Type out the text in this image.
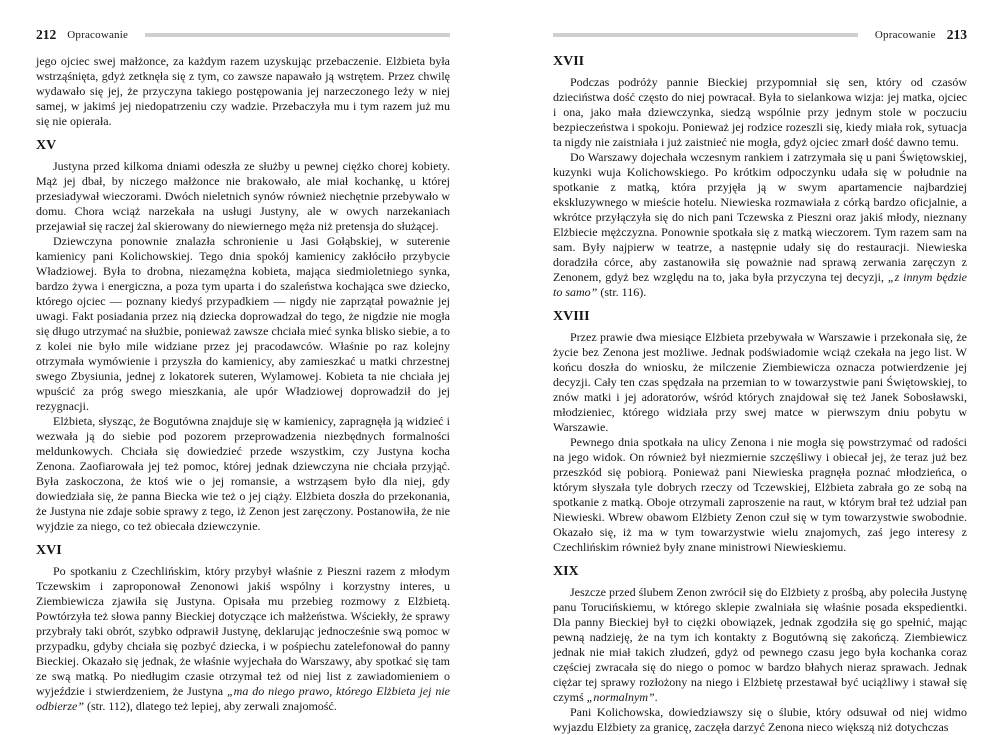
212 Opracowanie

jego ojciec swej małżonce, za każdym razem uzyskując przebaczenie. Elżbieta była wstrząśnięta, gdyż zetknęła się z tym, co zawsze napawało ją wstrętem. Przez chwilę wydawało się jej, że przyczyna takiego postępowania jej narzeczonego leży w niej samej, w jakimś jej niedopatrzeniu czy wadzie. Przebaczyła mu i tym razem już mu się nie opierała.

XV

Justyna przed kilkoma dniami odeszła ze służby u pewnej ciężko chorej kobiety. Mąż jej dbał, by niczego małżonce nie brakowało, ale miał kochankę, u której przesiadywał wieczorami. Dwóch nieletnich synów również niechętnie przebywało w domu. Chora wciąż narzekała na usługi Justyny, ale w owych narzekaniach przejawiał się raczej żal skierowany do niewiernego męża niż pretensja do służącej.

Dziewczyna ponownie znalazła schronienie u Jasi Gołąbskiej, w suterenie kamienicy pani Kolichowskiej. Tego dnia spokój kamienicy zakłóciło przybycie Władziowej. Była to drobna, niezamężna kobieta, mająca siedmioletniego synka, bardzo żywa i energiczna, a poza tym uparta i do szaleństwa kochająca swe dziecko, którego ojciec — poznany kiedyś przypadkiem — nigdy nie zaprzątał poważnie jej uwagi. Fakt posiadania przez nią dziecka doprowadzał do tego, że nigdzie nie mogła się długo utrzymać na służbie, ponieważ zawsze chciała mieć synka blisko siebie, a to z kolei nie było mile widziane przez jej pracodawców. Właśnie po raz kolejny otrzymała wymówienie i przyszła do kamienicy, aby zamieszkać u matki chrzestnej swego Zbysiunia, jednej z lokatorek suteren, Wylamowej. Kobieta ta nie chciała jej wpuścić za próg swego mieszkania, ale upór Władziowej doprowadził do jej rezygnacji.

Elżbieta, słysząc, że Bogutówna znajduje się w kamienicy, zapragnęła ją widzieć i wezwała ją do siebie pod pozorem przeprowadzenia niezbędnych formalności meldunkowych. Chciała się dowiedzieć przede wszystkim, czy Justyna kocha Zenona. Zaofiarowała jej też pomoc, której jednak dziewczyna nie chciała przyjąć. Była zaskoczona, że ktoś wie o jej romansie, a wstrząsem było dla niej, gdy dowiedziała się, że panna Biecka wie też o jej ciąży. Elżbieta doszła do przekonania, że Justyna nie zdaje sobie sprawy z tego, iż Zenon jest zaręczony. Postanowiła, że nie wyjdzie za niego, co też obiecała dziewczynie.

XVI

Po spotkaniu z Czechlińskim, który przybył właśnie z Pieszni razem z młodym Tczewskim i zaproponował Zenonowi jakiś wspólny i korzystny interes, u Ziembiewicza zjawiła się Justyna. Opisała mu przebieg rozmowy z Elżbietą. Powtórzyła też słowa panny Bieckiej dotyczące ich małżeństwa. Wściekły, że sprawy przybrały taki obrót, szybko odprawił Justynę, deklarując jednocześnie swą pomoc w przypadku, gdyby chciała się pozbyć dziecka, i w pośpiechu zatelefonował do panny Bieckiej. Okazało się jednak, że właśnie wyjechała do Warszawy, aby spotkać się tam ze swą matką. Po niedługim czasie otrzymał też od niej list z zawiadomieniem o wyjeździe i stwierdzeniem, że Justyna „ma do niego prawo, którego Elżbieta jej nie odbierze” (str. 112), dlatego też lepiej, aby zerwali znajomość.

Opracowanie 213
XVII

Podczas podróży pannie Bieckiej przypomniał się sen, który od czasów dzieciństwa dość często do niej powracał. Była to sielankowa wizja: jej matka, ojciec i ona, jako mała dziewczynka, siedzą wspólnie przy jednym stole w poczuciu bezpieczeństwa i spokoju. Ponieważ jej rodzice rozeszli się, kiedy miała rok, sytuacja ta nigdy nie zaistniała i już zaistnieć nie mogła, gdyż ojciec zmarł dość dawno temu.

Do Warszawy dojechała wczesnym rankiem i zatrzymała się u pani Świętowskiej, kuzynki wuja Kolichowskiego. Po krótkim odpoczynku udała się w południe na spotkanie z matką, która przyjęła ją w swym apartamencie najbardziej ekskluzywnego w mieście hotelu. Niewieska rozmawiała z córką bardzo oficjalnie, a wkrótce przyłączyła się do nich pani Tczewska z Pieszni oraz jakiś młody, nieznany Elżbiecie mężczyzna. Ponownie spotkała się z matką wieczorem. Tym razem sam na sam. Były najpierw w teatrze, a następnie udały się do restauracji. Niewieska doradziła córce, aby zastanowiła się poważnie nad sprawą zerwania zaręczyn z Zenonem, gdyż bez względu na to, jaka była przyczyna tej decyzji, „z innym będzie to samo” (str. 116).

XVIII

Przez prawie dwa miesiące Elżbieta przebywała w Warszawie i przekonała się, że życie bez Zenona jest możliwe. Jednak podświadomie wciąż czekała na jego list. W końcu doszła do wniosku, że milczenie Ziembiewicza oznacza potwierdzenie jej decyzji. Cały ten czas spędzała na przemian to w towarzystwie pani Świętowskiej, to znów matki i jej adoratorów, wśród których znajdował się też Janek Sobosławski, młodzieniec, którego widziała przy swej matce w pierwszym dniu pobytu w Warszawie.

Pewnego dnia spotkała na ulicy Zenona i nie mogła się powstrzymać od radości na jego widok. On również był niezmiernie szczęśliwy i obiecał jej, że teraz już bez przeszkód się pobiorą. Ponieważ pani Niewieska pragnęła poznać młodzieńca, o którym słyszała tyle dobrych rzeczy od Tczewskiej, Elżbieta zabrała go ze sobą na spotkanie z matką. Oboje otrzymali zaproszenie na raut, w którym brał też udział pan Niewieski. Wbrew obawom Elżbiety Zenon czuł się w tym towarzystwie swobodnie. Okazało się, iż ma w tym towarzystwie wielu znajomych, zaś jego interesy z Czechlińskim również były znane ministrowi Niewieskiemu.

XIX

Jeszcze przed ślubem Zenon zwrócił się do Elżbiety z prośbą, aby poleciła Justynę panu Torucińskiemu, w którego sklepie zwalniała się właśnie posada ekspedientki. Dla panny Bieckiej był to ciężki obowiązek, jednak zgodziła się go spełnić, mając pewną nadzieję, że na tym ich kontakty z Bogutówną się zakończą. Ziembiewicz jednak nie miał takich złudzeń, gdyż od pewnego czasu jego była kochanka coraz częściej zwracała się do niego o pomoc w bardzo błahych nieraz sprawach. Jednak ciężar tej sprawy rozłożony na niego i Elżbietę przestawał być uciążliwy i stawał się czymś „normalnym”.

Pani Kolichowska, dowiedziawszy się o ślubie, który odsuwał od niej widmo wyjazdu Elżbiety za granicę, zaczęła darzyć Zenona nieco większą niż dotychczas
